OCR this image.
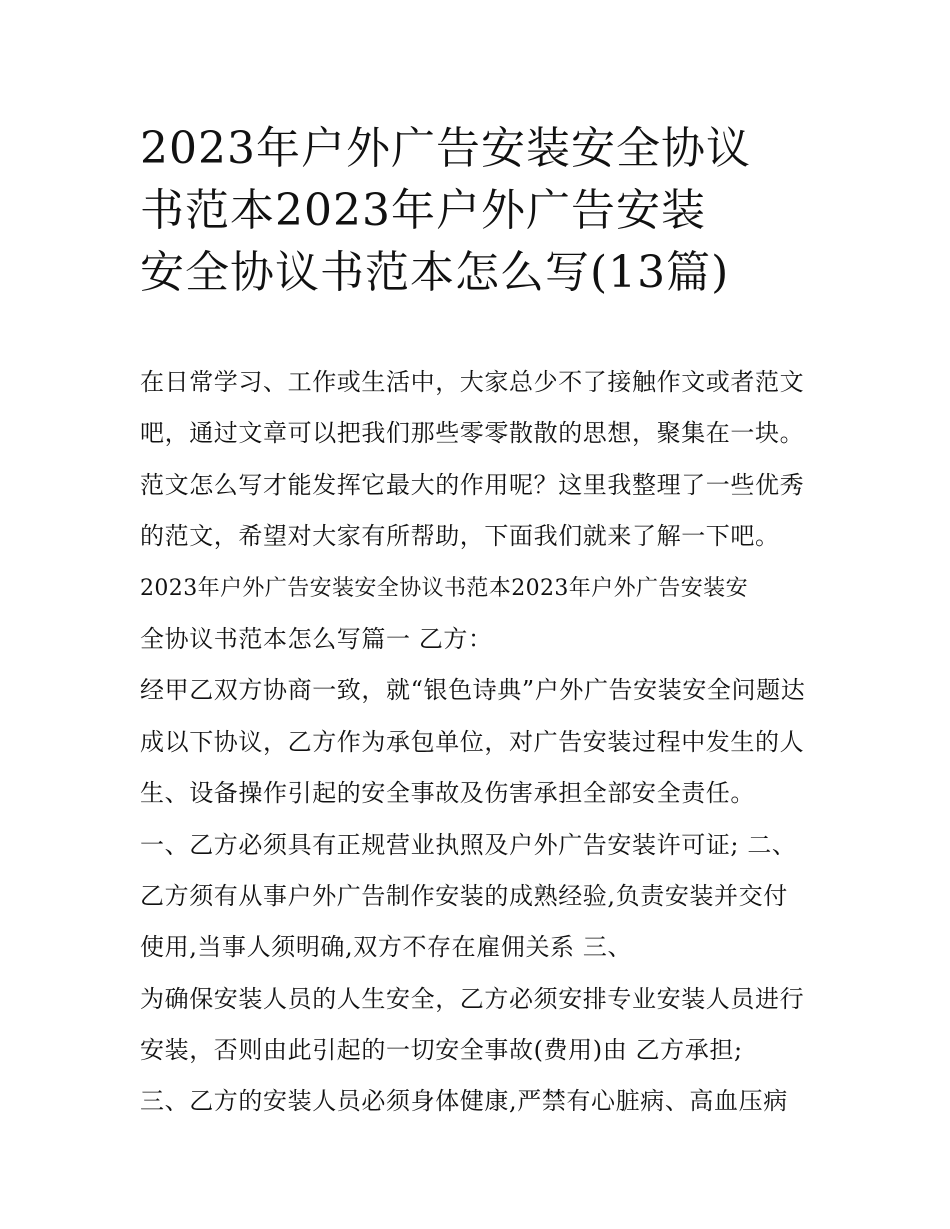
2023年户外广告安装安全协议
书范本2023年户外广告安装
安全协议书范本怎么写(13篇)
在日常学习、工作或生活中，大家总少不了接触作文或者范文
吧，通过文章可以把我们那些零零散散的思想，聚集在一块。
范文怎么写才能发挥它最大的作用呢？这里我整理了一些优秀
的范文，希望对大家有所帮助，下面我们就来了解一下吧。
2023年户外广告安装安全协议书范本2023年户外广告安装安
全协议书范本怎么写篇一 乙方：
经甲乙双方协商一致，就“银色诗典”户外广告安装安全问题达
成以下协议，乙方作为承包单位，对广告安装过程中发生的人
生、设备操作引起的安全事故及伤害承担全部安全责任。
一、乙方必须具有正规营业执照及户外广告安装许可证; 二、
乙方须有从事户外广告制作安装的成熟经验,负责安装并交付
使用,当事人须明确,双方不存在雇佣关系 三、
为确保安装人员的人生安全，乙方必须安排专业安装人员进行
安装，否则由此引起的一切安全事故(费用)由 乙方承担;
三、乙方的安装人员必须身体健康,严禁有心脏病、高血压病
